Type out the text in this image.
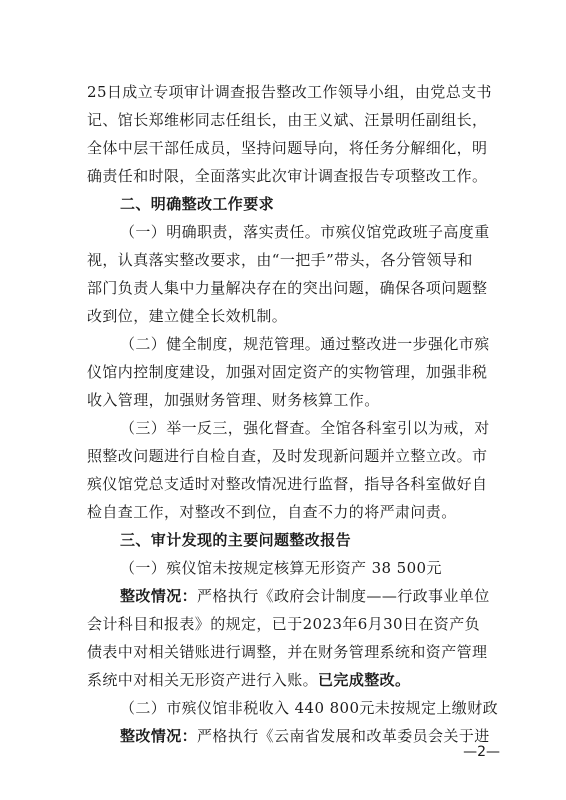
25日成立专项审计调查报告整改工作领导小组，由党总支书
记、馆长郑维彬同志任组长，由王义斌、汪景明任副组长，
全体中层干部任成员，坚持问题导向，将任务分解细化，明
确责任和时限，全面落实此次审计调查报告专项整改工作。
二、明确整改工作要求
（一）明确职责，落实责任。市殡仪馆党政班子高度重
视，认真落实整改要求，由“一把手”带头，各分管领导和
部门负责人集中力量解决存在的突出问题，确保各项问题整
改到位，建立健全长效机制。
（二）健全制度，规范管理。通过整改进一步强化市殡
仪馆内控制度建设，加强对固定资产的实物管理，加强非税
收入管理，加强财务管理、财务核算工作。
（三）举一反三，强化督查。全馆各科室引以为戒，对
照整改问题进行自检自查，及时发现新问题并立整立改。市
殡仪馆党总支适时对整改情况进行监督，指导各科室做好自
检自查工作，对整改不到位，自查不力的将严肃问责。
三、审计发现的主要问题整改报告
（一）殡仪馆未按规定核算无形资产 38 500元
整改情况：严格执行《政府会计制度——行政事业单位
会计科目和报表》的规定，已于2023年6月30日在资产负
债表中对相关错账进行调整，并在财务管理系统和资产管理
系统中对相关无形资产进行入账。已完成整改。
（二）市殡仪馆非税收入 440 800元未按规定上缴财政
整改情况：严格执行《云南省发展和改革委员会关于进
—2—
